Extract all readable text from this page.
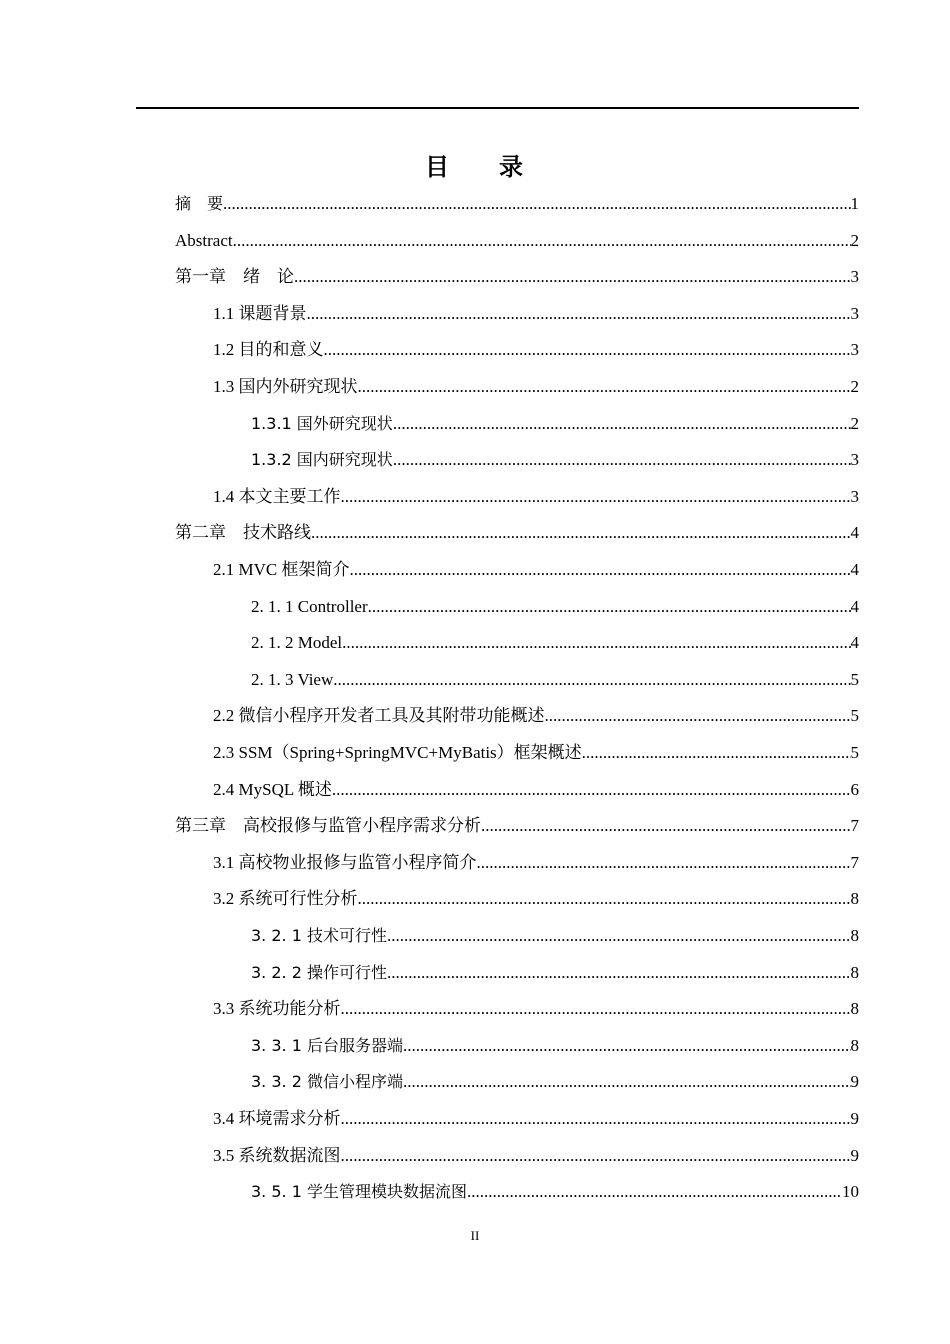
目 录
摘　要 .....	1
Abstract .....	2
第一章　绪　论 .....	3
1.1 课题背景 .....	3
1.2 目的和意义 .....	3
1.3 国内外研究现状 .....	2
1.3.1 国外研究现状 .....	2
1.3.2 国内研究现状 .....	3
1.4 本文主要工作 .....	3
第二章　技术路线 .....	4
2.1 MVC 框架简介 .....	4
2. 1. 1 Controller .....	4
2. 1. 2 Model .....	4
2. 1. 3 View .....	5
2.2 微信小程序开发者工具及其附带功能概述 .....	5
2.3 SSM（Spring+SpringMVC+MyBatis）框架概述 .....	5
2.4 MySQL 概述 .....	6
第三章　高校报修与监管小程序需求分析 .....	7
3.1 高校物业报修与监管小程序简介 .....	7
3.2 系统可行性分析 .....	8
3. 2. 1 技术可行性 .....	8
3. 2. 2 操作可行性 .....	8
3.3 系统功能分析 .....	8
3. 3. 1 后台服务器端 .....	8
3. 3. 2 微信小程序端 .....	9
3.4 环境需求分析 .....	9
3.5 系统数据流图 .....	9
3. 5. 1 学生管理模块数据流图 .....	10
II
